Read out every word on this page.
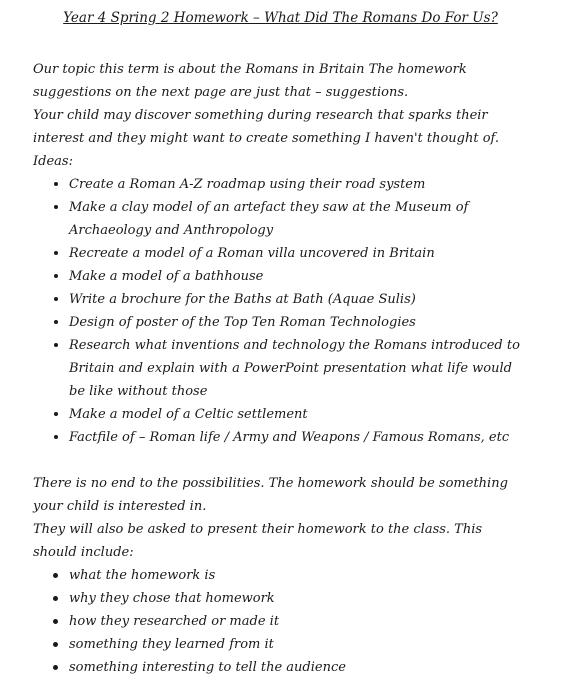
Year 4 Spring 2 Homework – What Did The Romans Do For Us?

Our topic this term is about the Romans in Britain The homework suggestions on the next page are just that – suggestions.

Your child may discover something during research that sparks their interest and they might want to create something I haven't thought of.

Ideas:

Create a Roman A-Z roadmap using their road system
Make a clay model of an artefact they saw at the Museum of Archaeology and Anthropology
Recreate a model of a Roman villa uncovered in Britain
Make a model of a bathhouse
Write a brochure for the Baths at Bath (Aquae Sulis)
Design of poster of the Top Ten Roman Technologies
Research what inventions and technology the Romans introduced to Britain and explain with a PowerPoint presentation what life would be like without those
Make a model of a Celtic settlement
Factfile of – Roman life / Army and Weapons / Famous Romans, etc

There is no end to the possibilities. The homework should be something your child is interested in.

They will also be asked to present their homework to the class. This should include:

what the homework is
why they chose that homework
how they researched or made it
something they learned from it
something interesting to tell the audience
